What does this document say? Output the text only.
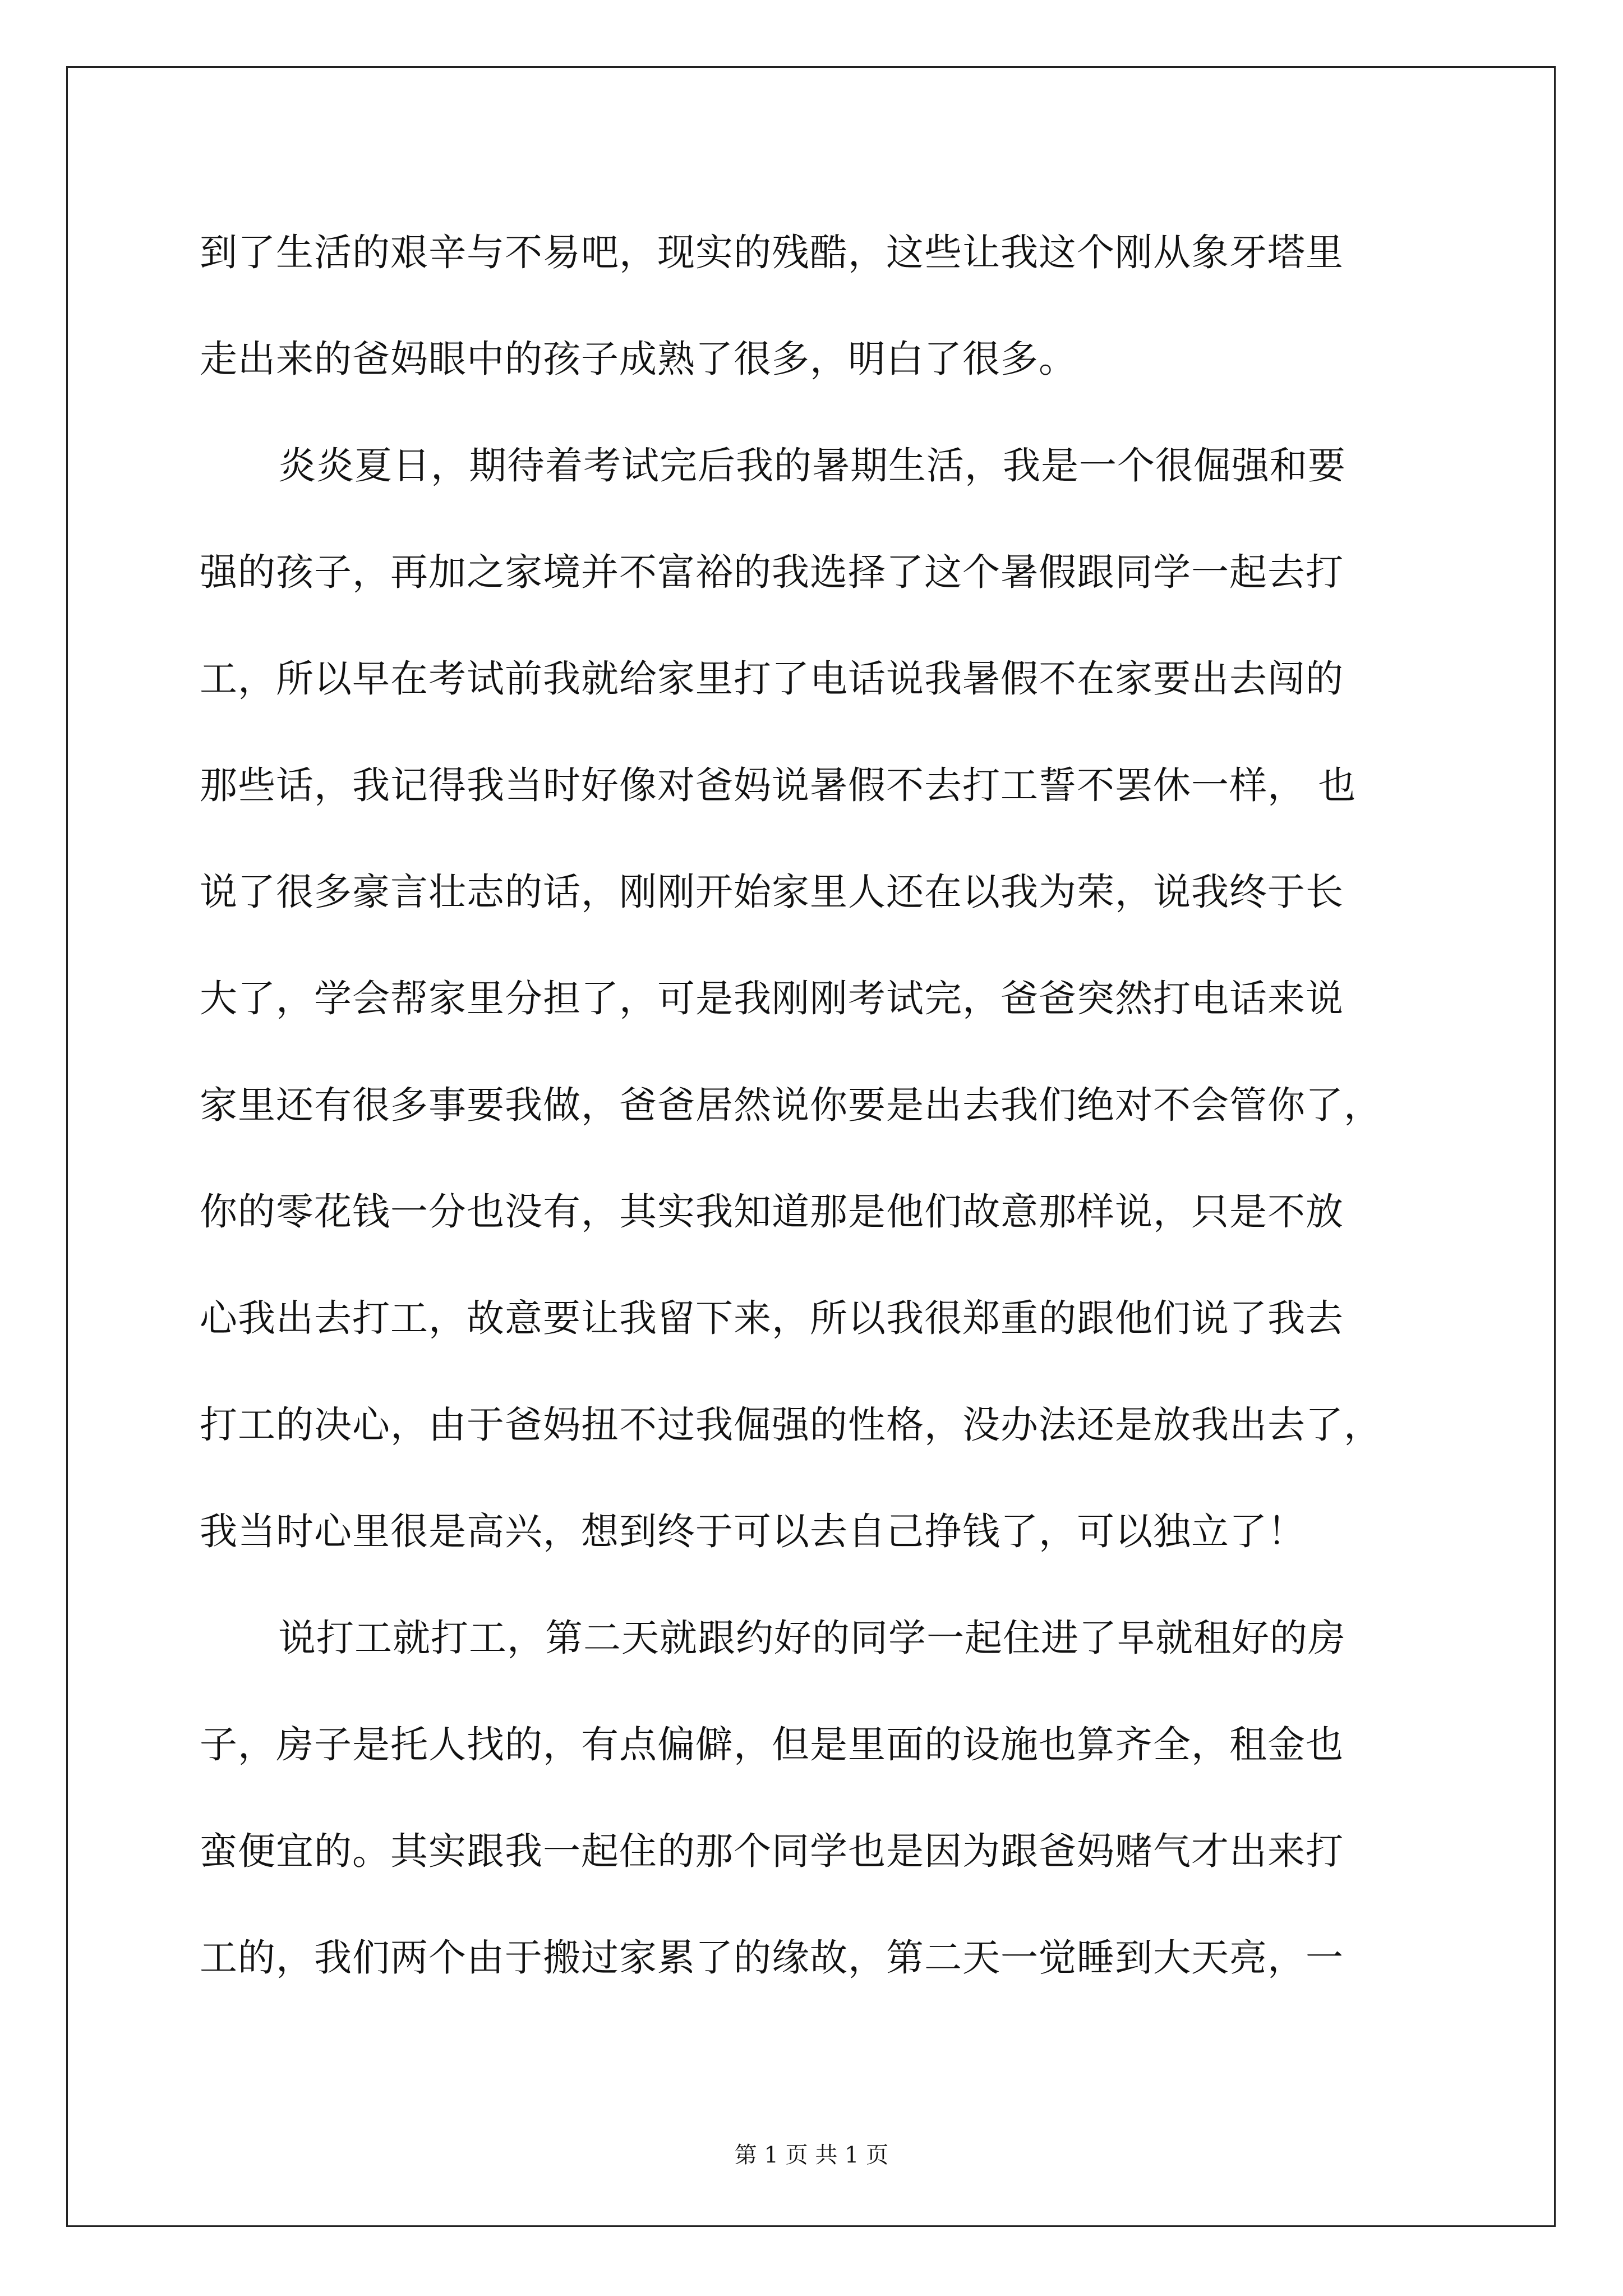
到了生活的艰辛与不易吧，现实的残酷，这些让我这个刚从象牙塔里
走出来的爸妈眼中的孩子成熟了很多，明白了很多。
炎炎夏日，期待着考试完后我的暑期生活，我是一个很倔强和要
强的孩子，再加之家境并不富裕的我选择了这个暑假跟同学一起去打
工，所以早在考试前我就给家里打了电话说我暑假不在家要出去闯的
那些话，我记得我当时好像对爸妈说暑假不去打工誓不罢休一样， 也
说了很多豪言壮志的话，刚刚开始家里人还在以我为荣，说我终于长
大了，学会帮家里分担了，可是我刚刚考试完，爸爸突然打电话来说
家里还有很多事要我做，爸爸居然说你要是出去我们绝对不会管你了，
你的零花钱一分也没有，其实我知道那是他们故意那样说，只是不放
心我出去打工，故意要让我留下来，所以我很郑重的跟他们说了我去
打工的决心，由于爸妈扭不过我倔强的性格，没办法还是放我出去了，
我当时心里很是高兴，想到终于可以去自己挣钱了，可以独立了！
说打工就打工，第二天就跟约好的同学一起住进了早就租好的房
子，房子是托人找的，有点偏僻，但是里面的设施也算齐全，租金也
蛮便宜的。其实跟我一起住的那个同学也是因为跟爸妈赌气才出来打
工的，我们两个由于搬过家累了的缘故，第二天一觉睡到大天亮，一
第 1 页 共 1 页
